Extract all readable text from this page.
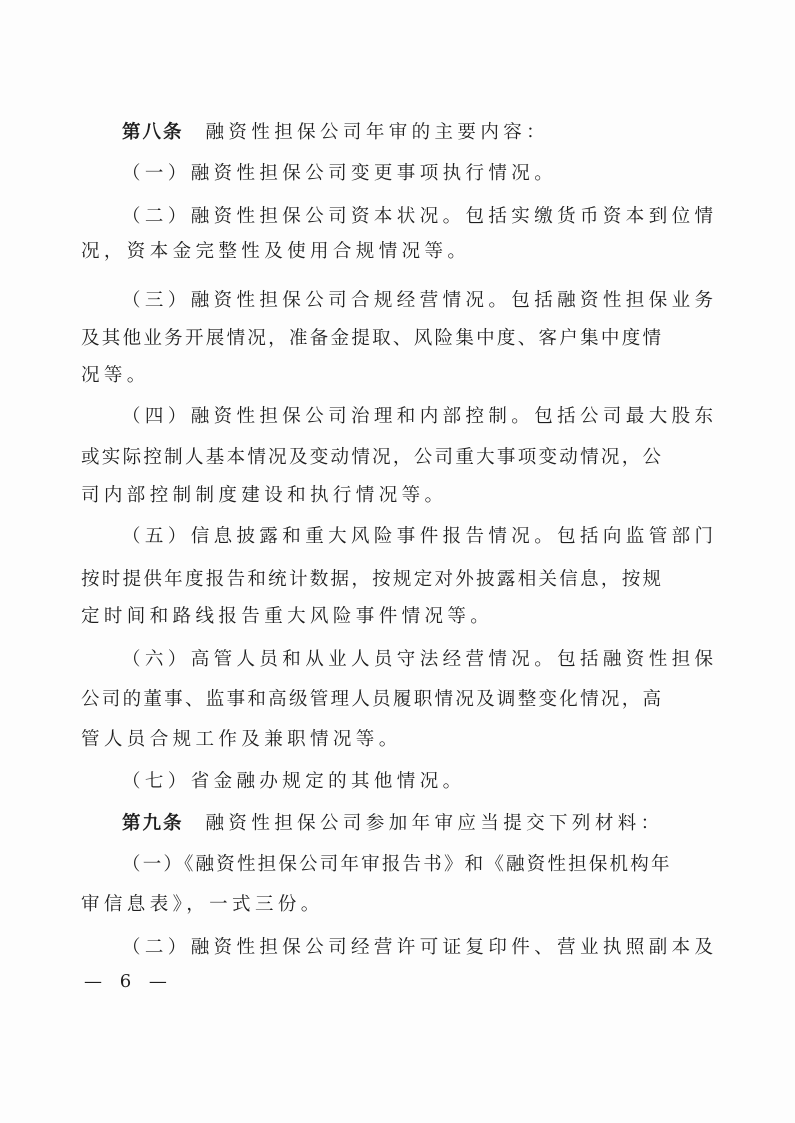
第八条 融资性担保公司年审的主要内容：
（一）融资性担保公司变更事项执行情况。
（二）融资性担保公司资本状况。包括实缴货币资本到位情
况，资本金完整性及使用合规情况等。
（三）融资性担保公司合规经营情况。包括融资性担保业务
及其他业务开展情况，准备金提取、风险集中度、客户集中度情
况等。
（四）融资性担保公司治理和内部控制。包括公司最大股东
或实际控制人基本情况及变动情况，公司重大事项变动情况，公
司内部控制制度建设和执行情况等。
（五）信息披露和重大风险事件报告情况。包括向监管部门
按时提供年度报告和统计数据，按规定对外披露相关信息，按规
定时间和路线报告重大风险事件情况等。
（六）高管人员和从业人员守法经营情况。包括融资性担保
公司的董事、监事和高级管理人员履职情况及调整变化情况，高
管人员合规工作及兼职情况等。
（七）省金融办规定的其他情况。
第九条 融资性担保公司参加年审应当提交下列材料：
（一）《融资性担保公司年审报告书》和《融资性担保机构年
审信息表》，一式三份。
（二）融资性担保公司经营许可证复印件、营业执照副本及
— 6 —
